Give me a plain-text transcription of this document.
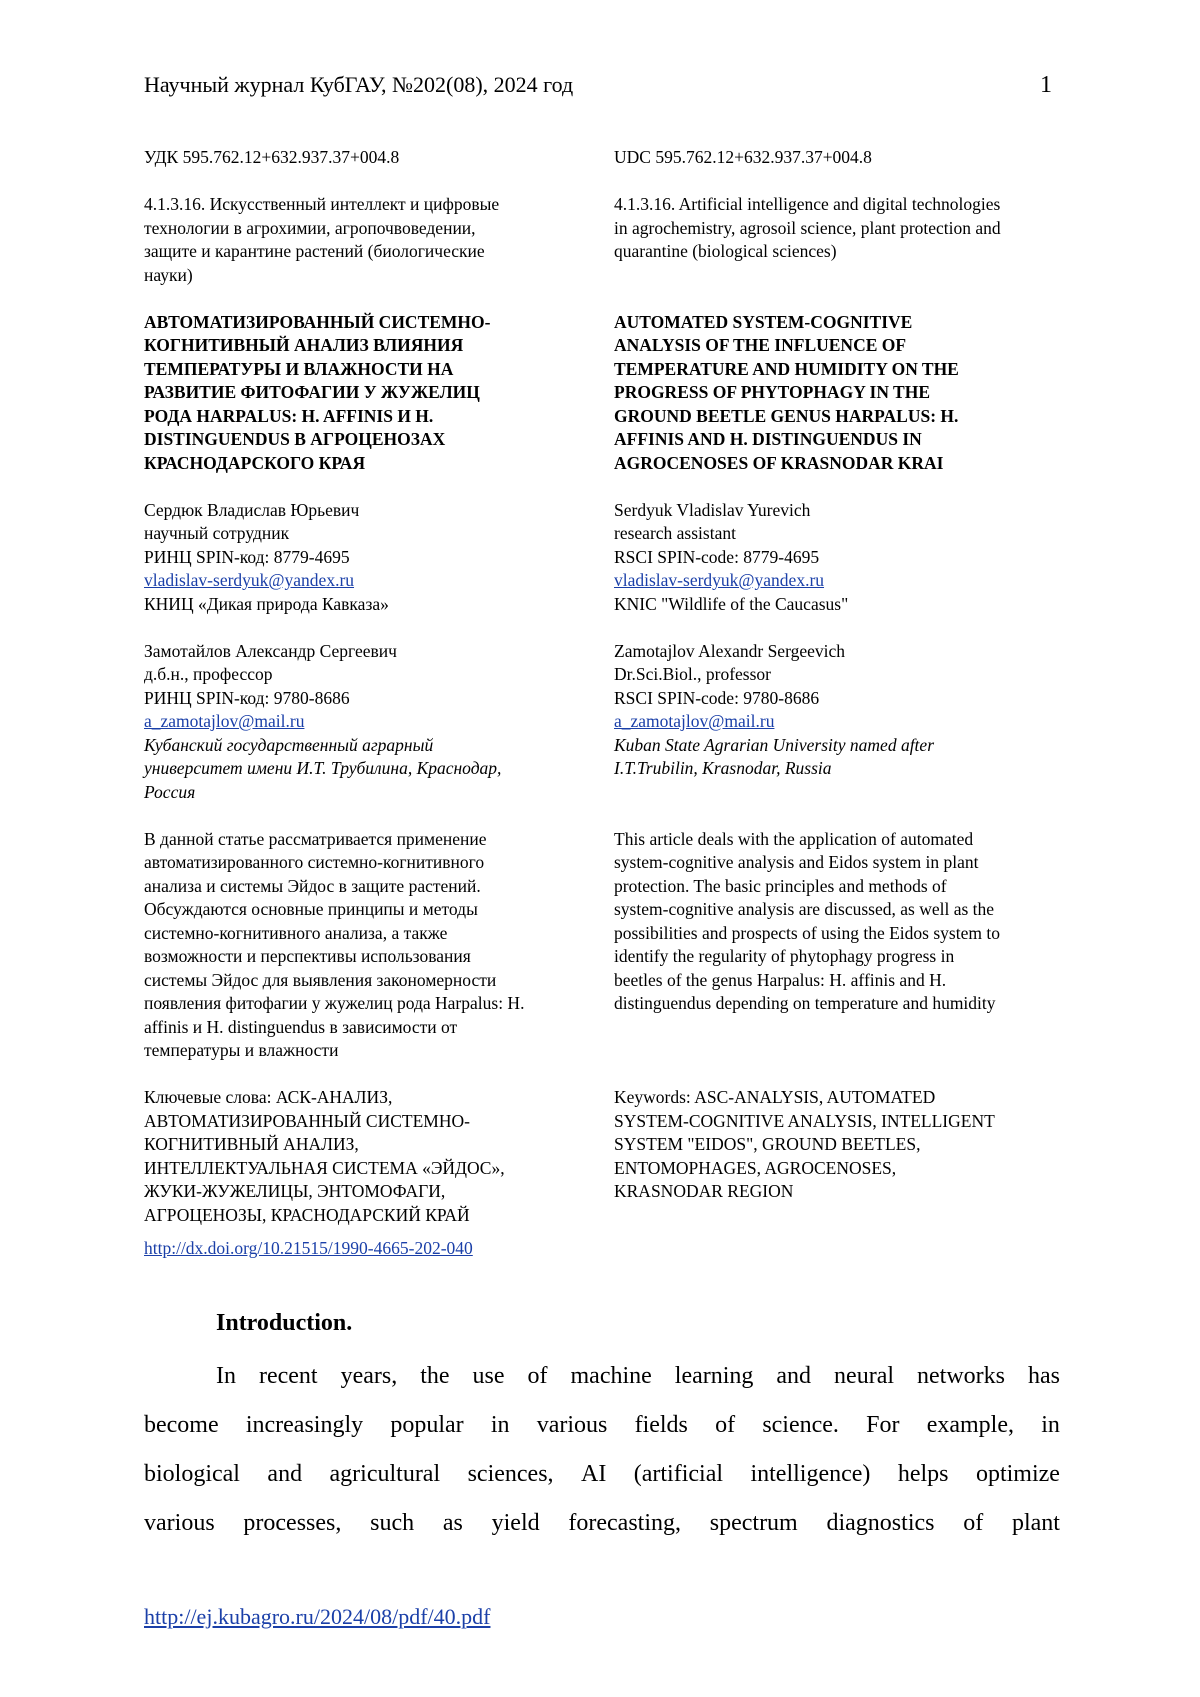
Научный журнал КубГАУ, №202(08), 2024 год	1
УДК 595.762.12+632.937.37+004.8
4.1.3.16. Искусственный интеллект и цифровые
технологии в агрохимии, агропочвоведении,
защите и карантине растений (биологические
науки)
АВТОМАТИЗИРОВАННЫЙ СИСТЕМНО-
КОГНИТИВНЫЙ АНАЛИЗ ВЛИЯНИЯ
ТЕМПЕРАТУРЫ И ВЛАЖНОСТИ НА
РАЗВИТИЕ ФИТОФАГИИ У ЖУЖЕЛИЦ
РОДА HARPALUS: H. AFFINIS И H.
DISTINGUENDUS В АГРОЦЕНОЗАХ
КРАСНОДАРСКОГО КРАЯ
Сердюк Владислав Юрьевич
научный сотрудник
РИНЦ SPIN-код: 8779-4695
vladislav-serdyuk@yandex.ru
КНИЦ «Дикая природа Кавказа»
Замотайлов Александр Сергеевич
д.б.н., профессор
РИНЦ SPIN-код: 9780-8686
a_zamotajlov@mail.ru
Кубанский государственный аграрный
университет имени И.Т. Трубилина, Краснодар,
Россия
В данной статье рассматривается применение
автоматизированного системно-когнитивного
анализа и системы Эйдос в защите растений.
Обсуждаются основные принципы и методы
системно-когнитивного анализа, а также
возможности и перспективы использования
системы Эйдос для выявления закономерности
появления фитофагии у жужелиц рода Harpalus: H.
affinis и H. distinguendus в зависимости от
температуры и влажности
Ключевые слова: АСК-АНАЛИЗ,
АВТОМАТИЗИРОВАННЫЙ СИСТЕМНО-
КОГНИТИВНЫЙ АНАЛИЗ,
ИНТЕЛЛЕКТУАЛЬНАЯ СИСТЕМА «ЭЙДОС»,
ЖУКИ-ЖУЖЕЛИЦЫ, ЭНТОМОФАГИ,
АГРОЦЕНОЗЫ, КРАСНОДАРСКИЙ КРАЙ
UDC 595.762.12+632.937.37+004.8
4.1.3.16. Artificial intelligence and digital technologies
in agrochemistry, agrosoil science, plant protection and
quarantine (biological sciences)

AUTOMATED SYSTEM-COGNITIVE
ANALYSIS OF THE INFLUENCE OF
TEMPERATURE AND HUMIDITY ON THE
PROGRESS OF PHYTOPHAGY IN THE
GROUND BEETLE GENUS HARPALUS: H.
AFFINIS AND H. DISTINGUENDUS IN
AGROCENOSES OF KRASNODAR KRAI
Serdyuk Vladislav Yurevich
research assistant
RSCI SPIN-code: 8779-4695
vladislav-serdyuk@yandex.ru
KNIC "Wildlife of the Caucasus"
Zamotajlov Alexandr Sergeevich
Dr.Sci.Biol., professor
RSCI SPIN-code: 9780-8686
a_zamotajlov@mail.ru
Kuban State Agrarian University named after
I.T.Trubilin, Krasnodar, Russia

This article deals with the application of automated
system-cognitive analysis and Eidos system in plant
protection. The basic principles and methods of
system-cognitive analysis are discussed, as well as the
possibilities and prospects of using the Eidos system to
identify the regularity of phytophagy progress in
beetles of the genus Harpalus: H. affinis and H.
distinguendus depending on temperature and humidity

Keywords: ASC-ANALYSIS, AUTOMATED
SYSTEM-COGNITIVE ANALYSIS, INTELLIGENT
SYSTEM "EIDOS", GROUND BEETLES,
ENTOMOPHAGES, AGROCENOSES,
KRASNODAR REGION
http://dx.doi.org/10.21515/1990-4665-202-040
Introduction.
In recent years, the use of machine learning and neural networks has
become increasingly popular in various fields of science. For example, in
biological and agricultural sciences, AI (artificial intelligence) helps optimize
various processes, such as yield forecasting, spectrum diagnostics of plant
http://ej.kubagro.ru/2024/08/pdf/40.pdf
